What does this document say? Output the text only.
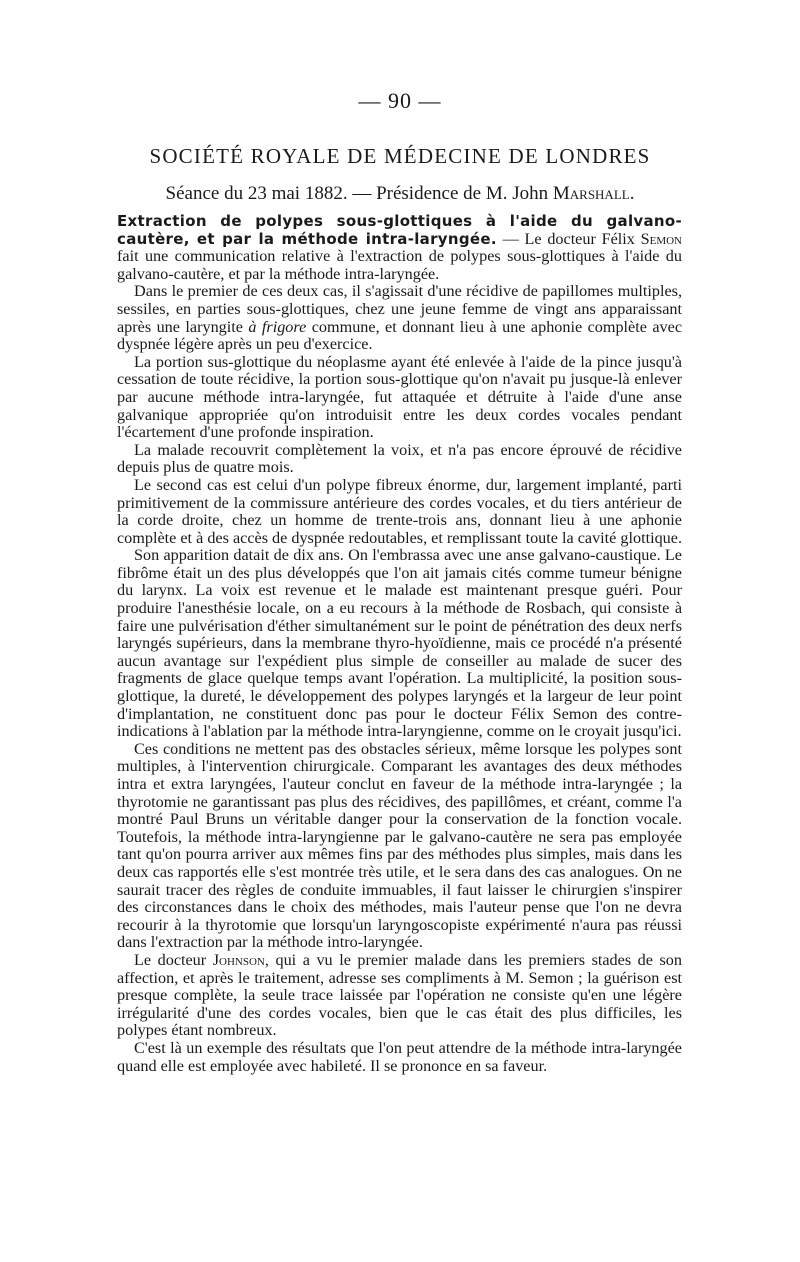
— 90 —
SOCIÉTÉ ROYALE DE MÉDECINE DE LONDRES
Séance du 23 mai 1882. — Présidence de M. John Marshall.

Extraction de polypes sous-glottiques à l'aide du galvano-cautère, et par la méthode intra-laryngée. — Le docteur Félix Semon fait une communication relative à l'extraction de polypes sous-glottiques à l'aide du galvano-cautère, et par la méthode intra-laryngée.

Dans le premier de ces deux cas, il s'agissait d'une récidive de papillomes multiples, sessiles, en parties sous-glottiques, chez une jeune femme de vingt ans apparaissant après une laryngite à frigore commune, et donnant lieu à une aphonie complète avec dyspnée légère après un peu d'exercice.

La portion sus-glottique du néoplasme ayant été enlevée à l'aide de la pince jusqu'à cessation de toute récidive, la portion sous-glottique qu'on n'avait pu jusque-là enlever par aucune méthode intra-laryngée, fut attaquée et détruite à l'aide d'une anse galvanique appropriée qu'on introduisit entre les deux cordes vocales pendant l'écartement d'une profonde inspiration.

La malade recouvrit complètement la voix, et n'a pas encore éprouvé de récidive depuis plus de quatre mois.

Le second cas est celui d'un polype fibreux énorme, dur, largement implanté, parti primitivement de la commissure antérieure des cordes vocales, et du tiers antérieur de la corde droite, chez un homme de trente-trois ans, donnant lieu à une aphonie complète et à des accès de dyspnée redoutables, et remplissant toute la cavité glottique.

Son apparition datait de dix ans. On l'embrassa avec une anse galvano-caustique. Le fibrôme était un des plus développés que l'on ait jamais cités comme tumeur bénigne du larynx. La voix est revenue et le malade est maintenant presque guéri. Pour produire l'anesthésie locale, on a eu recours à la méthode de Rosbach, qui consiste à faire une pulvérisation d'éther simultanément sur le point de pénétration des deux nerfs laryngés supérieurs, dans la membrane thyro-hyoïdienne, mais ce procédé n'a présenté aucun avantage sur l'expédient plus simple de conseiller au malade de sucer des fragments de glace quelque temps avant l'opération. La multiplicité, la position sous-glottique, la dureté, le développement des polypes laryngés et la largeur de leur point d'implantation, ne constituent donc pas pour le docteur Félix Semon des contre-indications à l'ablation par la méthode intra-laryngienne, comme on le croyait jusqu'ici.

Ces conditions ne mettent pas des obstacles sérieux, même lorsque les polypes sont multiples, à l'intervention chirurgicale. Comparant les avantages des deux méthodes intra et extra laryngées, l'auteur conclut en faveur de la méthode intra-laryngée ; la thyrotomie ne garantissant pas plus des récidives, des papillômes, et créant, comme l'a montré Paul Bruns un véritable danger pour la conservation de la fonction vocale. Toutefois, la méthode intra-laryngienne par le galvano-cautère ne sera pas employée tant qu'on pourra arriver aux mêmes fins par des méthodes plus simples, mais dans les deux cas rapportés elle s'est montrée très utile, et le sera dans des cas analogues. On ne saurait tracer des règles de conduite immuables, il faut laisser le chirurgien s'inspirer des circonstances dans le choix des méthodes, mais l'auteur pense que l'on ne devra recourir à la thyrotomie que lorsqu'un laryngoscopiste expérimenté n'aura pas réussi dans l'extraction par la méthode intro-laryngée.

Le docteur Johnson, qui a vu le premier malade dans les premiers stades de son affection, et après le traitement, adresse ses compliments à M. Semon ; la guérison est presque complète, la seule trace laissée par l'opération ne consiste qu'en une légère irrégularité d'une des cordes vocales, bien que le cas était des plus difficiles, les polypes étant nombreux.

C'est là un exemple des résultats que l'on peut attendre de la méthode intra-laryngée quand elle est employée avec habileté. Il se prononce en sa faveur.
